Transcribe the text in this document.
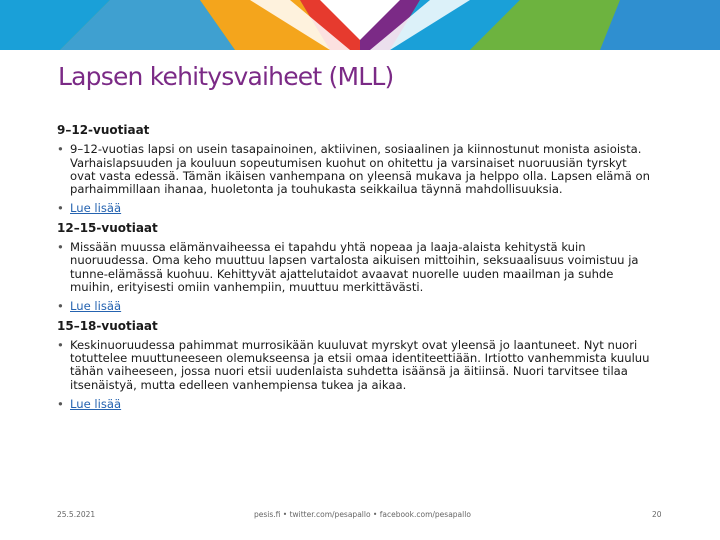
Lapsen kehitysvaiheet (MLL)
9–12-vuotiaat
• 9–12-vuotias lapsi on usein tasapainoinen, aktiivinen, sosiaalinen ja kiinnostunut monista asioista. Varhaislapsuuden ja kouluun sopeutumisen kuohut on ohitettu ja varsinaiset nuoruusiän tyrskyt ovat vasta edessä. Tämän ikäisen vanhempana on yleensä mukava ja helppo olla. Lapsen elämä on parhaimmillaan ihanaa, huoletonta ja touhukasta seikkailua täynnä mahdollisuuksia.
• Lue lisää
12–15-vuotiaat
• Missään muussa elämänvaiheessa ei tapahdu yhtä nopeaa ja laaja-alaista kehitystä kuin nuoruudessa. Oma keho muuttuu lapsen vartalosta aikuisen mittoihin, seksuaalisuus voimistuu ja tunne-elämässä kuohuu. Kehittyvät ajattelutaidot avaavat nuorelle uuden maailman ja suhde muihin, erityisesti omiin vanhempiin, muuttuu merkittävästi.
• Lue lisää
15–18-vuotiaat
• Keskinuoruudessa pahimmat murrosikään kuuluvat myrskyt ovat yleensä jo laantuneet. Nyt nuori totuttelee muuttuneeseen olemukseensa ja etsii omaa identiteettiään. Irtiotto vanhemmista kuuluu tähän vaiheeseen, jossa nuori etsii uudenlaista suhdetta isäänsä ja äitiinsä. Nuori tarvitsee tilaa itsenäistyä, mutta edelleen vanhempiensa tukea ja aikaa.
• Lue lisää
25.5.2021	pesis.fi • twitter.com/pesapallo • facebook.com/pesapallo	20
